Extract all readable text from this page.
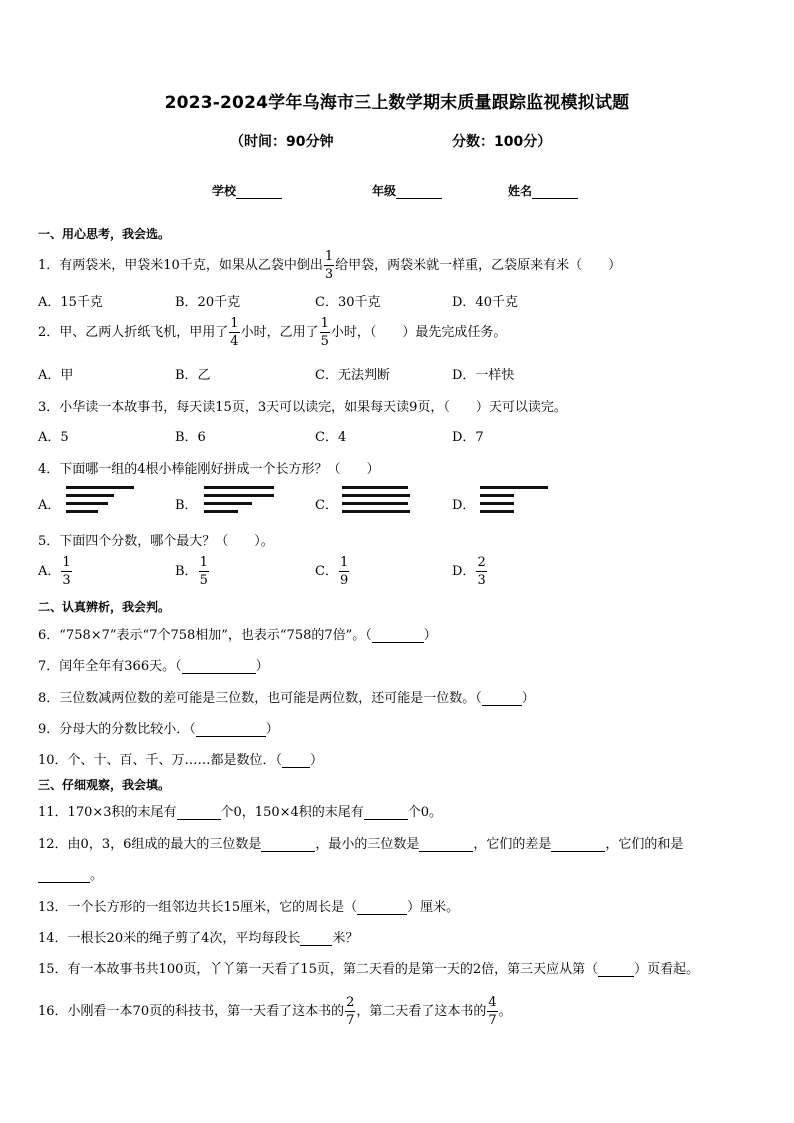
2023-2024学年乌海市三上数学期末质量跟踪监视模拟试题
（时间：90分钟	分数：100分）
学校	年级	姓名
一、用心思考，我会选。
1．有两袋米，甲袋米10千克，如果从乙袋中倒出 $\frac{1}{3}$ 给甲袋，两袋米就一样重，乙袋原来有米（　　）
A．15千克	B．20千克	C．30千克	D．40千克
2．甲、乙两人折纸飞机，甲用了 $\frac{1}{4}$ 小时，乙用了 $\frac{1}{5}$ 小时，（　　）最先完成任务。
A．甲	B．乙	C．无法判断	D．一样快
3．小华读一本故事书，每天读15页，3天可以读完，如果每天读9页，（　　）天可以读完。
A．5	B．6	C．4	D．7
4．下面哪一组的4根小棒能刚好拼成一个长方形？（　　）
A．	B．	C．	D．
5．下面四个分数，哪个最大？（　　）。
A． $\frac{1}{3}$	B． $\frac{1}{5}$	C． $\frac{1}{9}$	D． $\frac{2}{3}$
二、认真辨析，我会判。
6．“758×7”表示“7个758相加”，也表示“758的7倍”。（	）
7．闰年全年有366天。（	）
8．三位数减两位数的差可能是三位数，也可能是两位数，还可能是一位数。（	）
9．分母大的分数比较小．（	）
10．个、十、百、千、万……都是数位．（ ）
三、仔细观察，我会填。
11．170×3积的末尾有	个0，150×4积的末尾有	个0。
12．由0，3，6组成的最大的三位数是	，最小的三位数是	，它们的差是	，它们的和是
。
13．一个长方形的一组邻边共长15厘米，它的周长是（	）厘米。
14．一根长20米的绳子剪了4次，平均每段长 米？
15．有一本故事书共100页，丫丫第一天看了15页，第二天看的是第一天的2倍，第三天应从第（	）页看起。
16．小刚看一本70页的科技书，第一天看了这本书的 $\frac{2}{7}$ ，第二天看了这本书的 $\frac{4}{7}$ 。
